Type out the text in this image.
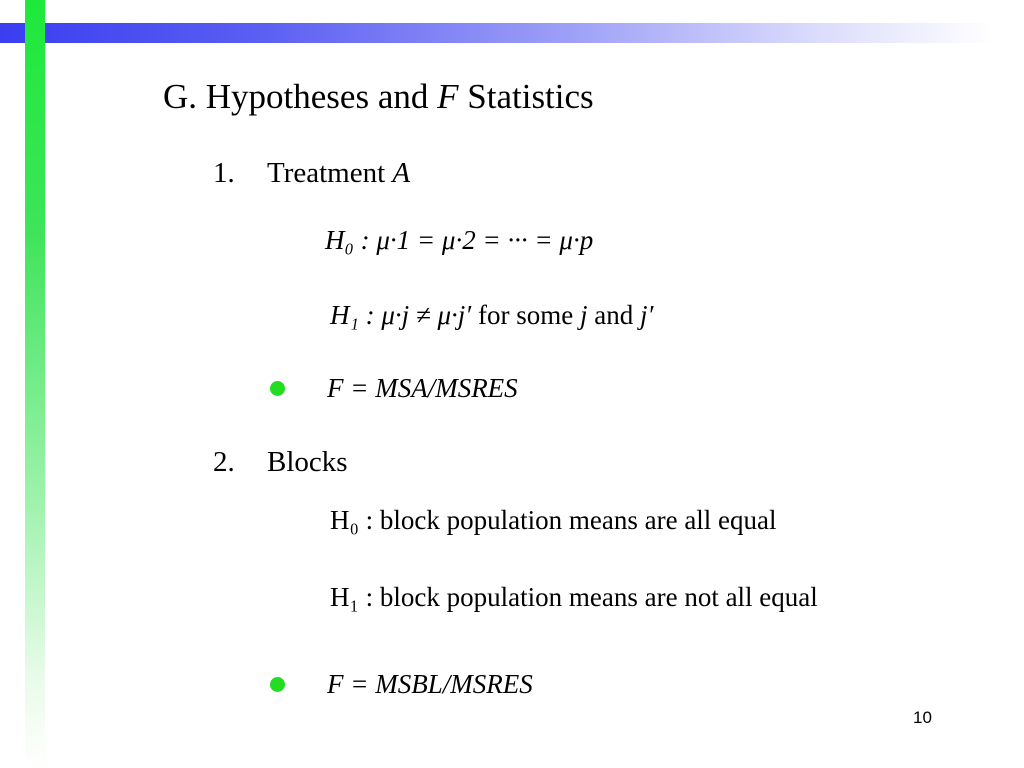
G. Hypotheses and F Statistics
1. Treatment A
H₀ : μ·1 = μ·2 = ··· = μ·p
H₁ : μ·j ≠ μ·j′ for some j and j′
F = MSA/MSRES
2. Blocks
H₀ : block population means are all equal
H₁ : block population means are not all equal
F = MSBL/MSRES
10
